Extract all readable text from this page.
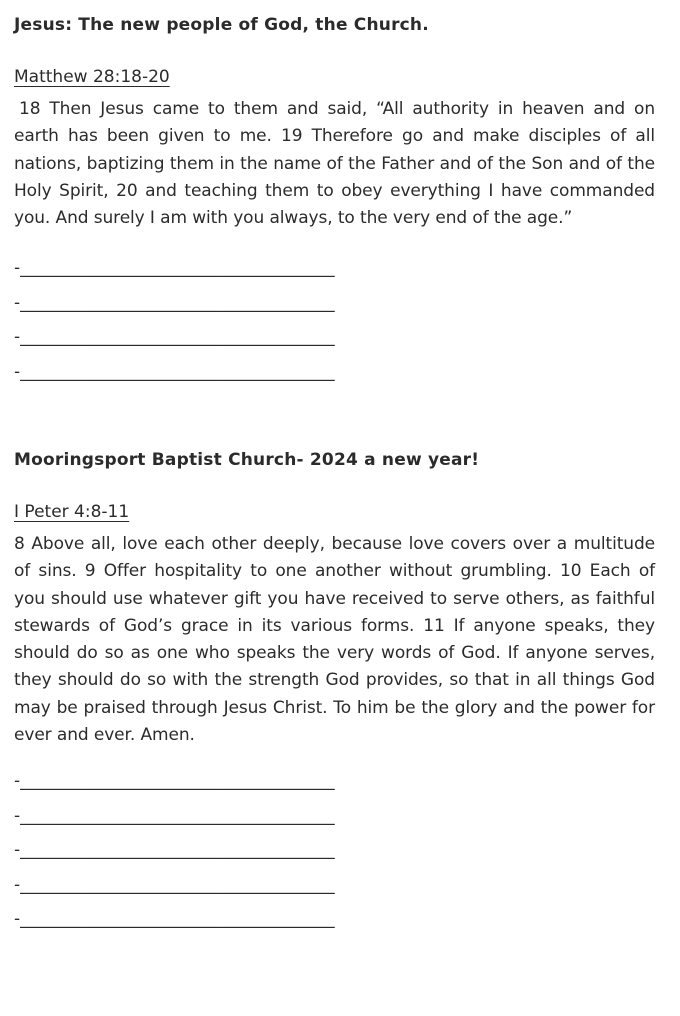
Jesus: The new people of God, the Church.

Matthew 28:18-20

18 Then Jesus came to them and said, “All authority in heaven and on earth has been given to me. 19 Therefore go and make disciples of all nations, baptizing them in the name of the Father and of the Son and of the Holy Spirit, 20 and teaching them to obey everything I have commanded you. And surely I am with you always, to the very end of the age.”

-_____________________________________
-_____________________________________
-_____________________________________
-_____________________________________
Mooringsport Baptist Church- 2024 a new year!

I Peter 4:8-11

8 Above all, love each other deeply, because love covers over a multitude of sins. 9 Offer hospitality to one another without grumbling. 10 Each of you should use whatever gift you have received to serve others, as faithful stewards of God’s grace in its various forms. 11 If anyone speaks, they should do so as one who speaks the very words of God. If anyone serves, they should do so with the strength God provides, so that in all things God may be praised through Jesus Christ. To him be the glory and the power for ever and ever. Amen.

-_____________________________________
-_____________________________________
-_____________________________________
-_____________________________________
-_____________________________________
